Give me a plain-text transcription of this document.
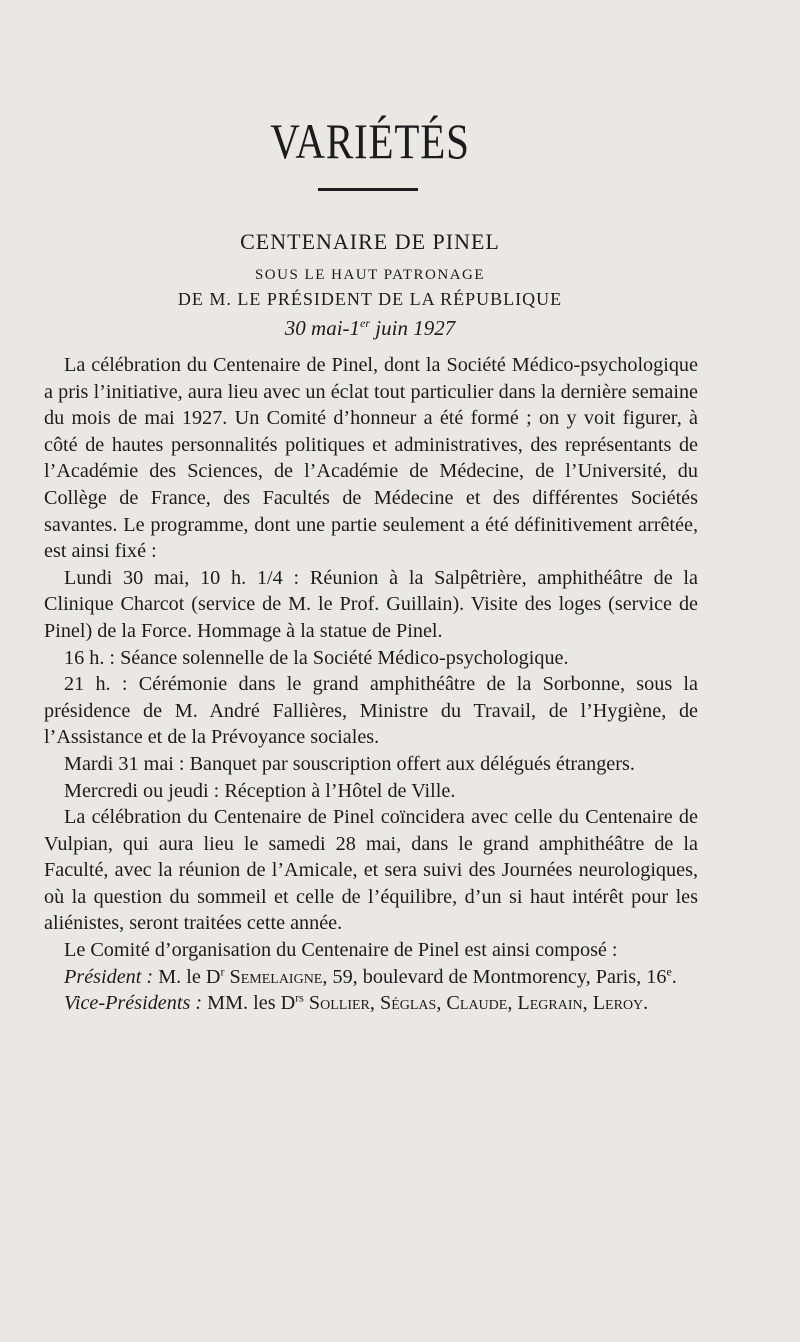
VARIÉTÉS

CENTENAIRE DE PINEL

SOUS LE HAUT PATRONAGE

DE M. LE PRÉSIDENT DE LA RÉPUBLIQUE

30 mai-1er juin 1927

La célébration du Centenaire de Pinel, dont la Société Médico-psychologique a pris l’initiative, aura lieu avec un éclat tout particulier dans la dernière semaine du mois de mai 1927. Un Comité d’honneur a été formé ; on y voit figurer, à côté de hautes personnalités politiques et administratives, des représentants de l’Académie des Sciences, de l’Académie de Médecine, de l’Université, du Collège de France, des Facultés de Médecine et des différentes Sociétés savantes. Le programme, dont une partie seulement a été définitivement arrêtée, est ainsi fixé :

Lundi 30 mai, 10 h. 1/4 : Réunion à la Salpêtrière, amphithéâtre de la Clinique Charcot (service de M. le Prof. Guillain). Visite des loges (service de Pinel) de la Force. Hommage à la statue de Pinel.

16 h. : Séance solennelle de la Société Médico-psychologique.

21 h. : Cérémonie dans le grand amphithéâtre de la Sorbonne, sous la présidence de M. André Fallières, Ministre du Travail, de l’Hygiène, de l’Assistance et de la Prévoyance sociales.

Mardi 31 mai : Banquet par souscription offert aux délégués étrangers.

Mercredi ou jeudi : Réception à l’Hôtel de Ville.

La célébration du Centenaire de Pinel coïncidera avec celle du Centenaire de Vulpian, qui aura lieu le samedi 28 mai, dans le grand amphithéâtre de la Faculté, avec la réunion de l’Amicale, et sera suivi des Journées neurologiques, où la question du sommeil et celle de l’équilibre, d’un si haut intérêt pour les aliénistes, seront traitées cette année.

Le Comité d’organisation du Centenaire de Pinel est ainsi composé :

Président : M. le $D^r$ Semelaigne, 59, boulevard de Montmorency, Paris, 16e.

Vice-Présidents : MM. les $D^{rs}$ Sollier, Séglas, Claude, Legrain, Leroy.
